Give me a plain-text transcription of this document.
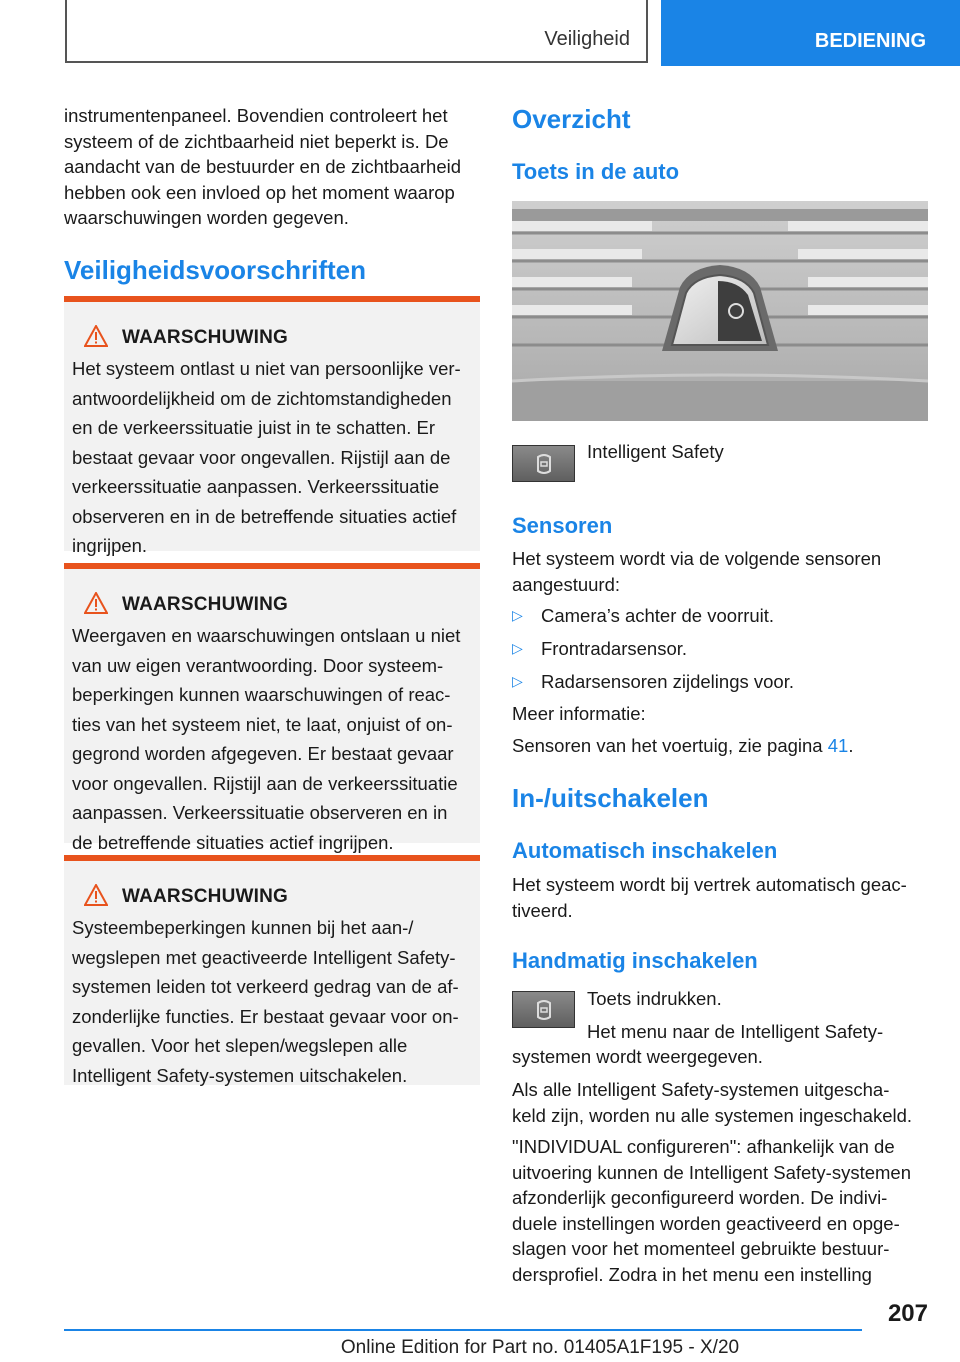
Veiligheid	BEDIENING

instrumentenpaneel. Bovendien controleert het

systeem of de zichtbaarheid niet beperkt is. De

aandacht van de bestuurder en de zichtbaarheid

hebben ook een invloed op het moment waarop

waarschuwingen worden gegeven.

Veiligheidsvoorschriften
WAARSCHUWING

Het systeem ontlast u niet van persoonlijke ver-

antwoordelijkheid om de zichtomstandigheden

en de verkeerssituatie juist in te schatten. Er

bestaat gevaar voor ongevallen. Rijstijl aan de

verkeerssituatie aanpassen. Verkeerssituatie

observeren en in de betreffende situaties actief

ingrijpen.

WAARSCHUWING

Weergaven en waarschuwingen ontslaan u niet

van uw eigen verantwoording. Door systeem-

beperkingen kunnen waarschuwingen of reac-

ties van het systeem niet, te laat, onjuist of on-

gegrond worden afgegeven. Er bestaat gevaar

voor ongevallen. Rijstijl aan de verkeerssituatie

aanpassen. Verkeerssituatie observeren en in

de betreffende situaties actief ingrijpen.

WAARSCHUWING

Systeembeperkingen kunnen bij het aan-/

wegslepen met geactiveerde Intelligent Safety-

systemen leiden tot verkeerd gedrag van de af-

zonderlijke functies. Er bestaat gevaar voor on-

gevallen. Voor het slepen/wegslepen alle

Intelligent Safety-systemen uitschakelen.

Overzicht
Toets in de auto

Intelligent Safety

Sensoren

Het systeem wordt via de volgende sensoren

aangestuurd:

▷ Camera’s achter de voorruit.

▷ Frontradarsensor.

▷ Radarsensoren zijdelings voor.

Meer informatie:

Sensoren van het voertuig, zie pagina 41.

In-/uitschakelen
Automatisch inschakelen

Het systeem wordt bij vertrek automatisch geac-

tiveerd.

Handmatig inschakelen

Toets indrukken.

Het menu naar de Intelligent Safety-

systemen wordt weergegeven.

Als alle Intelligent Safety-systemen uitgescha-

keld zijn, worden nu alle systemen ingeschakeld.

"INDIVIDUAL configureren": afhankelijk van de

uitvoering kunnen de Intelligent Safety-systemen

afzonderlijk geconfigureerd worden. De indivi-

duele instellingen worden geactiveerd en opge-

slagen voor het momenteel gebruikte bestuur-

dersprofiel. Zodra in het menu een instelling

207
Online Edition for Part no. 01405A1F195 - X/20
